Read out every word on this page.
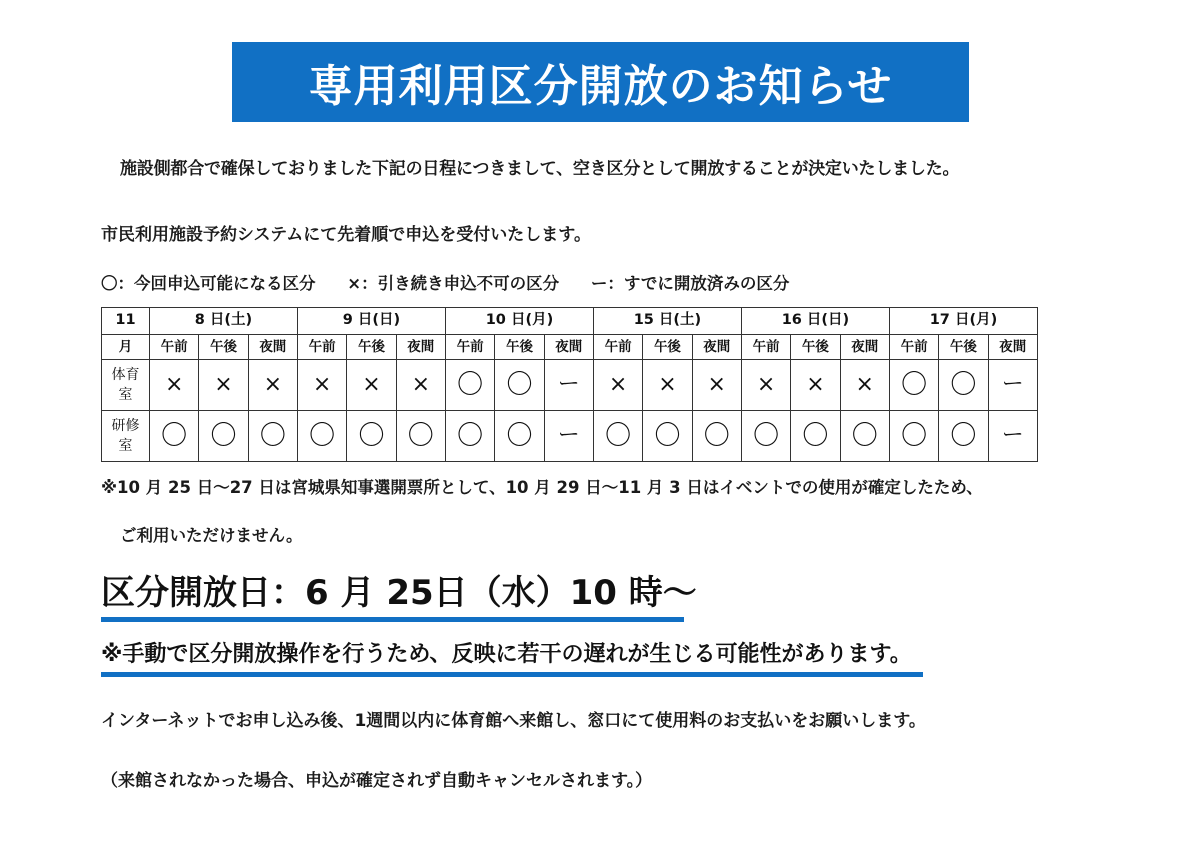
専用利用区分開放のお知らせ
施設側都合で確保しておりました下記の日程につきまして、空き区分として開放することが決定いたしました。
市民利用施設予約システムにて先着順で申込を受付いたします。
〇：今回申込可能になる区分 ×：引き続き申込不可の区分 ー：すでに開放済みの区分
11	8 日(土)			9 日(日)			10 日(月)			15 日(土)			16 日(日)			17 日(月)		
月	午前	午後	夜間	午前	午後	夜間	午前	午後	夜間	午前	午後	夜間	午前	午後	夜間	午前	午後	夜間

体育
室	×	×	×	×	×	×	〇	〇	ー	×	×	×	×	×	×	〇	〇	ー

研修
室	〇	〇	〇	〇	〇	〇	〇	〇	ー	〇	〇	〇	〇	〇	〇	〇	〇	ー
※10 月 25 日～27 日は宮城県知事選開票所として、10 月 29 日～11 月 3 日はイベントでの使用が確定したため、
ご利用いただけません。
区分開放日：6 月 25日（水）10 時～
※手動で区分開放操作を行うため、反映に若干の遅れが生じる可能性があります。
インターネットでお申し込み後、1週間以内に体育館へ来館し、窓口にて使用料のお支払いをお願いします。
（来館されなかった場合、申込が確定されず自動キャンセルされます。）
